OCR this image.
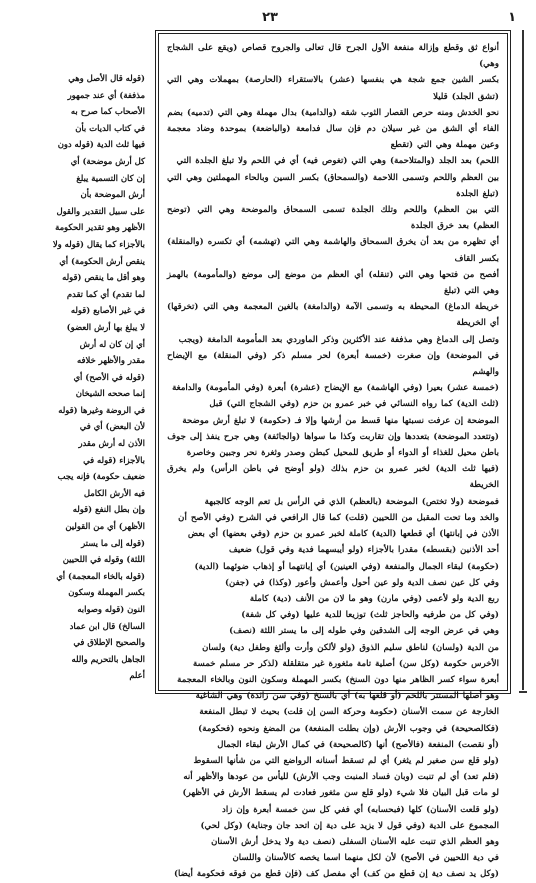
٢٣	١

أنواع ثق وقطع وإزالة منفعة الأول الجرح قال تعالى والجروح قصاص (ويقع على الشجاج وهي)

بكسر الشين جمع شجة هي بنفسها (عشر) بالاستقراء (الحارصة) بمهملات وهي التي (تشق الجلد) قليلا

نحو الخدش ومنه حرص القصار الثوب شقه (والدامية) بدال مهملة وهي التي (تدميه) بضم

الفاء أي الشق من غير سيلان دم فإن سال فدامعة (والباضعة) بموحدة وضاد معجمة وعين مهملة وهي التي (تقطع

اللحم) بعد الجلد (والمتلاحمة) وهي التي (تغوص فيه) أي في اللحم ولا تبلغ الجلدة التي

بين العظم واللحم وتسمى اللاحمة (والسمحاق) بكسر السين وبالحاء المهملتين وهي التي (تبلغ الجلدة

التي بين العظم) واللحم وتلك الجلدة تسمى السمحاق والموضحة وهي التي (توضح العظم) بعد خرق الجلدة

أي تظهره من بعد أن يخرق السمحاق والهاشمة وهي التي (تهشمه) أي تكسره (والمنقلة) بكسر القاف

أفصح من فتحها وهي التي (تنقله) أي العظم من موضع إلى موضع (والمأمومة) بالهمز وهي التي (تبلغ

خريطة الدماغ) المحيطة به وتسمى الآمة (والدامغة) بالغين المعجمة وهي التي (تخرقها) أي الخريطة

وتصل إلى الدماغ وهي مذففة عند الأكثرين وذكر الماوردي بعد المأمومة الدامغة (ويجب

في الموضحة) وإن صغرت (خمسة أبعرة) لحر مسلم ذكر (وفي المنقلة) مع الإيضاح والهشم

(خمسة عشر) بعيرا (وفي الهاشمة) مع الإيضاح (عشرة) أبعرة (وفي المأمومة) والدامغة

(ثلث الدية) كما رواه النسائي في خبر عمرو بن حزم (وفي الشجاج التي) قبل

الموضحة إن عرفت نسبتها منها قسط من أرشها وإلا فـ (حكومة) لا تبلغ أرش موضحة

(وتتعدد الموضحة) بتعددها وإن تقاربت وكذا ما سواها (والجائفة) وهي جرح ينفذ إلى جوف

باطن محيل للغذاء أو الدواء أو طريق للمحيل كبطن وصدر وثغرة نحر وجبين وخاصرة

(فيها ثلث الدية) لخبر عمرو بن حزم بذلك (ولو أوضح في باطن الرأس) ولم يخرق الخريطة

فموضحة (ولا تختص) الموضحة (بالعظم) الذي في الرأس بل تعم الوجه كالجبهة

والخد وما تحت المقبل من اللحيين (قلت) كما قال الرافعي في الشرح (وفي الأصح أن

الأذن في إبانتها) أي قطعها (الدية) كاملة لخبر عمرو بن حزم (وفي بعضها) أي بعض

أحد الأذنين (بقسطه) مقدرا بالأجزاء (ولو أيبسهما فدية وفي قول) ضعيف

(حكومة) لبقاء الجمال والمنفعة (وفي العينين) أي إبانتهما أو إذهاب ضوئهما (الدية)

وفي كل عين نصف الدية ولو عين أحول وأعمش وأعور (وكذا) في (جفن)

ربع الدية ولو لأعمى (وفي مارن) وهو ما لان من الأنف (دية) كاملة

(وفي كل من طرفيه والحاجز ثلث) توزيعا للدية عليها (وفي كل شفة)

وهي في عرض الوجه إلى الشدقين وفي طوله إلى ما يستر اللثة (نصف)

من الدية (ولسان) لناطق سليم الذوق (ولو لألكن وأرت وألثغ وطفل دية) ولسان

الأخرس حكومة (وكل سن) أصلية تامة مثغورة غير متقلقلة (لذكر حر مسلم خمسة

أبعرة سواء كسر الظاهر منها دون السنخ) بكسر المهملة وسكون النون وبالخاء المعجمة

وهو أصلها المستتر باللحم (أو قلعها به) أي بالسنخ (وفي سن زائدة) وهي الشاغية

الخارجة عن سمت الأسنان (حكومة وحركة السن إن قلت) بحيث لا تبطل المنفعة

(فكالصحيحة) في وجوب الأرش (وإن بطلت المنفعة) من المضغ ونحوه (فحكومة)

(أو نقصت) المنفعة (فالأصح) أنها (كالصحيحة) في كمال الأرش لبقاء الجمال

(ولو قلع سن صغير لم يثغر) أي لم تسقط أسنانه الرواضع التي من شأنها السقوط

(فلم تعد) أي لم تنبت (وبان فساد المنبت وجب الأرش) لليأس من عودها والأظهر أنه

لو مات قبل البيان فلا شيء (ولو قلع سن مثغور فعادت لم يسقط الأرش في الأظهر)

(ولو قلعت الأسنان) كلها (فبحسابه) أي ففي كل سن خمسة أبعرة وإن زاد

المجموع على الدية (وفي قول لا يزيد على دية إن اتحد جان وجناية) (وكل لحي)

وهو العظم الذي تنبت عليه الأسنان السفلى (نصف دية ولا يدخل أرش الأسنان

في دية اللحيين في الأصح) لأن لكل منهما اسما يخصه كالأسنان واللسان

(وكل يد نصف دية إن قطع من كف) أي مفصل كف (فإن قطع من فوقه فحكومة أيضا)

(قوله قال الأصل وهي

مذففة) أي عند جمهور

الأصحاب كما صرح به

في كتاب الديات بأن

فيها ثلث الدية (قوله دون

كل أرش موضحة) أي

إن كان التسمية يبلغ

أرش الموضحة بأن

على سبيل التقدير والقول

الأظهر وهو تقدير الحكومة

بالأجزاء كما يقال (قوله ولا

ينقص أرش الحكومة) أي

وهو أقل ما ينقص (قوله

لما تقدم) أي كما تقدم

في غير الأصابع (قوله

لا يبلغ بها أرش العضو)

أي إن كان له أرش

مقدر والأظهر خلافه

(قوله في الأصح) أي

إنما صححه الشيخان

في الروضة وغيرها (قوله

لأن البعض) أي في

الأذن له أرش مقدر

بالأجزاء (قوله في

ضعيف حكومة) فإنه يجب

فيه الأرش الكامل

وإن بطل النفع (قوله

الأظهر) أي من القولين

(قوله إلى ما يستر

اللثة) وقوله في اللحيين

(قوله بالخاء المعجمة) أي

بكسر المهملة وسكون

النون (قوله وصوابه

السالخ) قال ابن عماد

والصحيح الإطلاق في

الجاهل بالتحريم والله

أعلم
